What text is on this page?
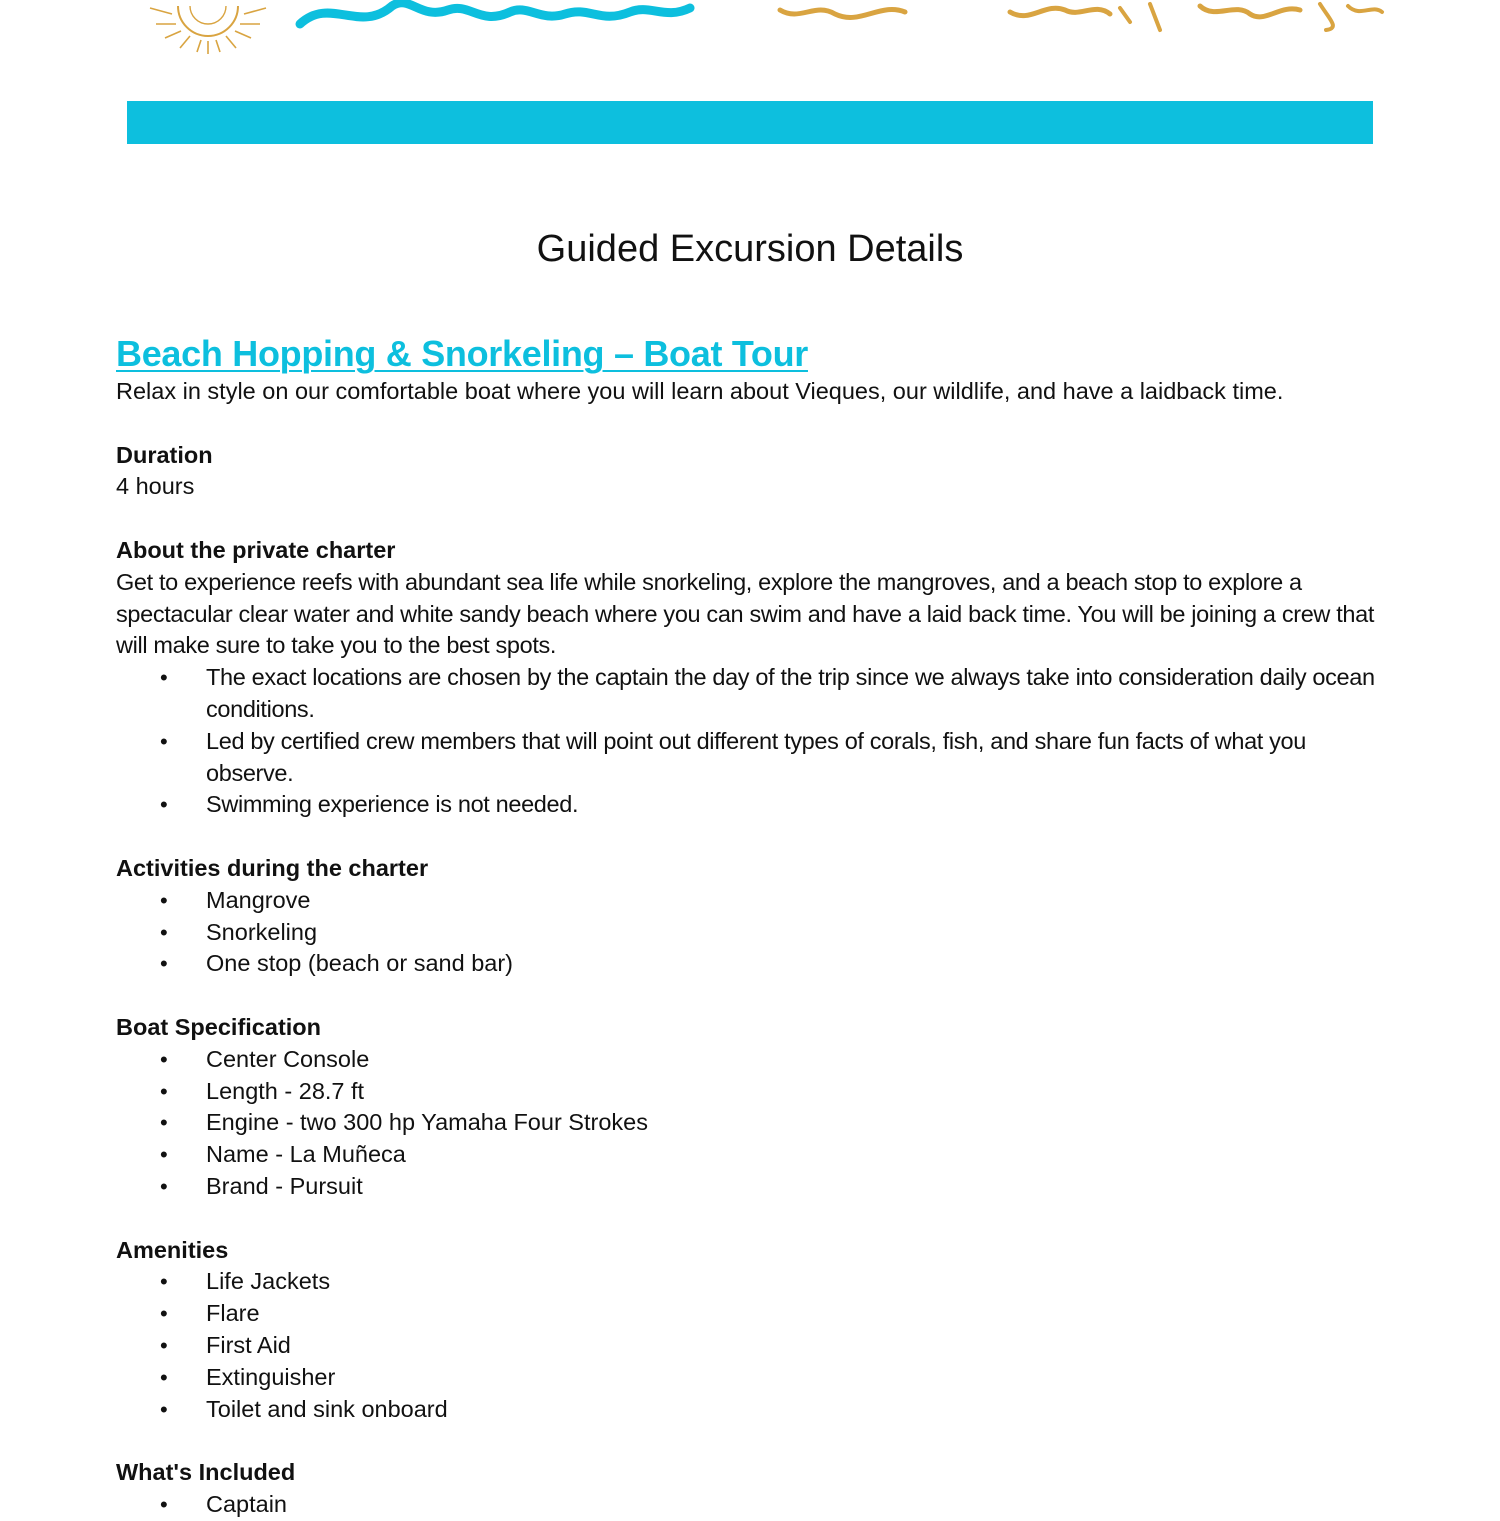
Guided Excursion Details
Beach Hopping & Snorkeling – Boat Tour

Relax in style on our comfortable boat where you will learn about Vieques, our wildlife, and have a laidback time.

Duration

4 hours

About the private charter

Get to experience reefs with abundant sea life while snorkeling, explore the mangroves, and a beach stop to explore a spectacular clear water and white sandy beach where you can swim and have a laid back time. You will be joining a crew that will make sure to take you to the best spots.

• The exact locations are chosen by the captain the day of the trip since we always take into consideration daily ocean conditions.
• Led by certified crew members that will point out different types of corals, fish, and share fun facts of what you observe.
• Swimming experience is not needed.

Activities during the charter

• Mangrove
• Snorkeling
• One stop (beach or sand bar)

Boat Specification

• Center Console
• Length - 28.7 ft
• Engine - two 300 hp Yamaha Four Strokes
• Name - La Muñeca
• Brand - Pursuit

Amenities

• Life Jackets
• Flare
• First Aid
• Extinguisher
• Toilet and sink onboard

What's Included

• Captain
